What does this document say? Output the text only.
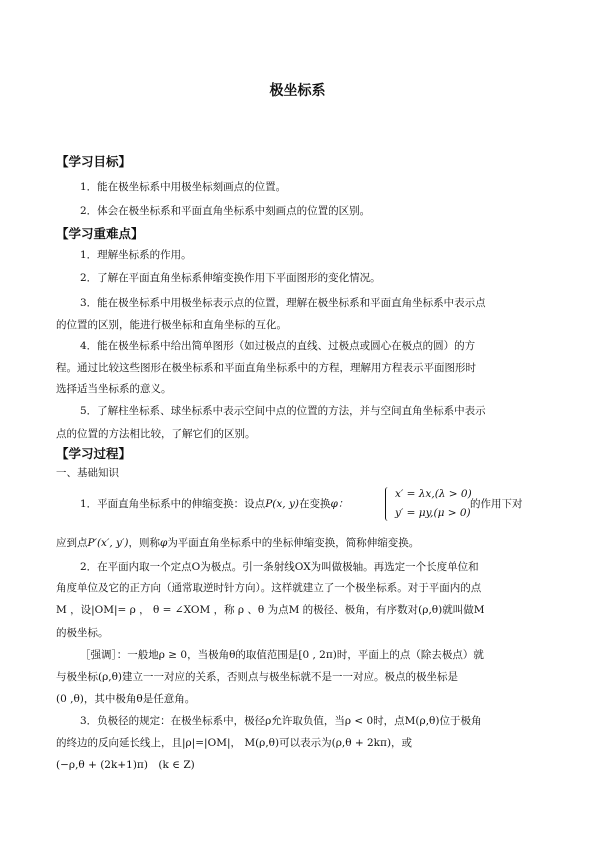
极坐标系
【学习目标】
1．能在极坐标系中用极坐标刻画点的位置。
2．体会在极坐标系和平面直角坐标系中刻画点的位置的区别。
【学习重难点】
1．理解坐标系的作用。
2．了解在平面直角坐标系伸缩变换作用下平面图形的变化情况。
3．能在极坐标系中用极坐标表示点的位置，理解在极坐标系和平面直角坐标系中表示点
的位置的区别，能进行极坐标和直角坐标的互化。
4．能在极坐标系中给出简单图形（如过极点的直线、过极点或圆心在极点的圆）的方
程。通过比较这些图形在极坐标系和平面直角坐标系中的方程，理解用方程表示平面图形时
选择适当坐标系的意义。
5．了解柱坐标系、球坐标系中表示空间中点的位置的方法，并与空间直角坐标系中表示
点的位置的方法相比较，了解它们的区别。
【学习过程】
一、基础知识
1．平面直角坐标系中的伸缩变换：设点P(x, y)在变换φ：
x′ = λx,(λ > 0)
y′ = μy,(μ > 0)
的作用下对
应到点P′(x′, y′)，则称φ为平面直角坐标系中的坐标伸缩变换，简称伸缩变换。
2．在平面内取一个定点O为极点。引一条射线OX为叫做极轴。再选定一个长度单位和
角度单位及它的正方向（通常取逆时针方向）。这样就建立了一个极坐标系。对于平面内的点
M ，设|OM|= ρ ， θ = ∠XOM ，称 ρ 、θ 为点M 的极径、极角，有序数对(ρ,θ)就叫做M
的极坐标。
［强调］：一般地ρ ≥ 0，当极角θ的取值范围是[0 , 2π)时，平面上的点（除去极点）就
与极坐标(ρ,θ)建立一一对应的关系，否则点与极坐标就不是一一对应。极点的极坐标是
(0 ,θ)，其中极角θ是任意角。
3．负极径的规定：在极坐标系中，极径ρ允许取负值，当ρ < 0时，点M(ρ,θ)位于极角
的终边的反向延长线上，且|ρ|=|OM|， M(ρ,θ)可以表示为(ρ,θ + 2kπ)，或
(−ρ,θ + (2k+1)π)　(k ∈ Z)
